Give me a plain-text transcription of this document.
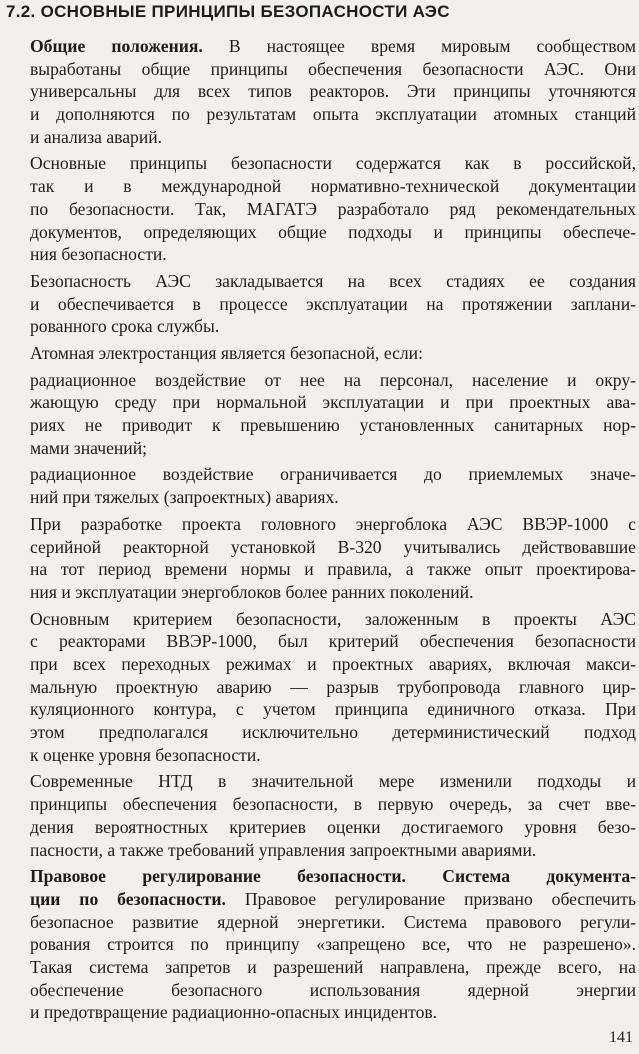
7.2. ОСНОВНЫЕ ПРИНЦИПЫ БЕЗОПАСНОСТИ АЭС

Общие положения. В настоящее время мировым сообществом
выработаны общие принципы обеспечения безопасности АЭС. Они
универсальны для всех типов реакторов. Эти принципы уточняются
и дополняются по результатам опыта эксплуатации атомных станций
и анализа аварий.

Основные принципы безопасности содержатся как в российской,
так и в международной нормативно-технической документации
по безопасности. Так, МАГАТЭ разработало ряд рекомендательных
документов, определяющих общие подходы и принципы обеспече-
ния безопасности.

Безопасность АЭС закладывается на всех стадиях ее создания
и обеспечивается в процессе эксплуатации на протяжении заплани-
рованного срока службы.

Атомная электростанция является безопасной, если:

радиационное воздействие от нее на персонал, население и окру-
жающую среду при нормальной эксплуатации и при проектных ава-
риях не приводит к превышению установленных санитарных нор-
мами значений;

радиационное воздействие ограничивается до приемлемых значе-
ний при тяжелых (запроектных) авариях.

При разработке проекта головного энергоблока АЭС ВВЭР-1000 с
серийной реакторной установкой В-320 учитывались действовавшие
на тот период времени нормы и правила, а также опыт проектирова-
ния и эксплуатации энергоблоков более ранних поколений.

Основным критерием безопасности, заложенным в проекты АЭС
с реакторами ВВЭР-1000, был критерий обеспечения безопасности
при всех переходных режимах и проектных авариях, включая макси-
мальную проектную аварию — разрыв трубопровода главного цир-
куляционного контура, с учетом принципа единичного отказа. При
этом предполагался исключительно детерминистический подход
к оценке уровня безопасности.

Современные НТД в значительной мере изменили подходы и
принципы обеспечения безопасности, в первую очередь, за счет вве-
дения вероятностных критериев оценки достигаемого уровня безо-
пасности, а также требований управления запроектными авариями.

Правовое регулирование безопасности. Система документа-
ции по безопасности. Правовое регулирование призвано обеспечить
безопасное развитие ядерной энергетики. Система правового регули-
рования строится по принципу «запрещено все, что не разрешено».
Такая система запретов и разрешений направлена, прежде всего, на
обеспечение безопасного использования ядерной энергии
и предотвращение радиационно-опасных инцидентов.

141
